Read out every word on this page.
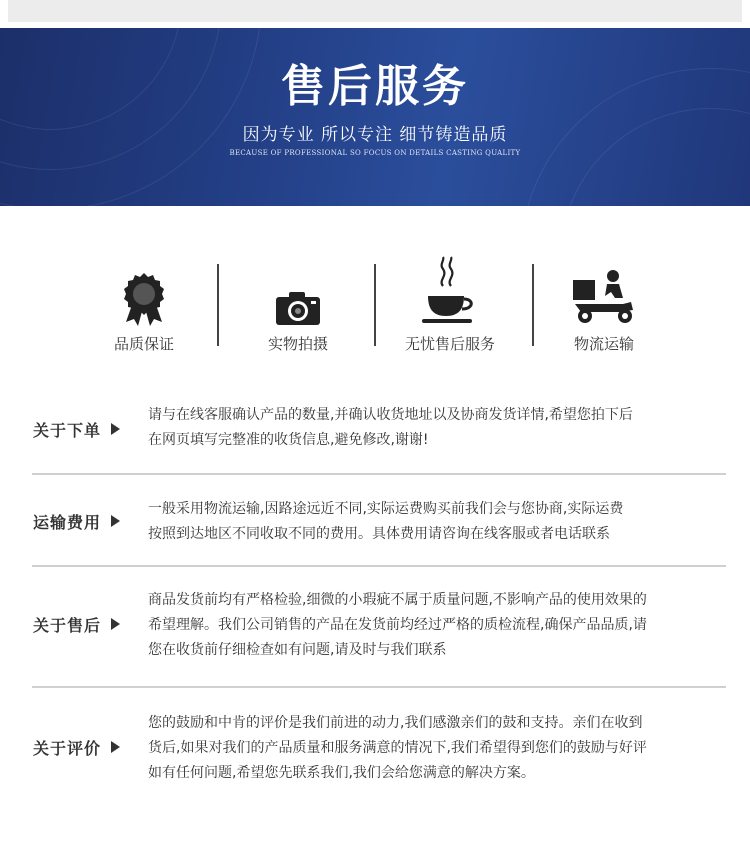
售后服务
因为专业 所以专注 细节铸造品质
BECAUSE OF PROFESSIONAL SO FOCUS ON DETAILS CASTING QUALITY
品质保证	实物拍摄	无忧售后服务	物流运输
关于下单
请与在线客服确认产品的数量,并确认收货地址以及协商发货详情,希望您拍下后
在网页填写完整准的收货信息,避免修改,谢谢!
运输费用
一般采用物流运输,因路途远近不同,实际运费购买前我们会与您协商,实际运费
按照到达地区不同收取不同的费用。具体费用请咨询在线客服或者电话联系
关于售后
商品发货前均有严格检验,细微的小瑕疵不属于质量问题,不影响产品的使用效果的
希望理解。我们公司销售的产品在发货前均经过严格的质检流程,确保产品品质,请
您在收货前仔细检查如有问题,请及时与我们联系
关于评价
您的鼓励和中肯的评价是我们前进的动力,我们感激亲们的鼓和支持。亲们在收到
货后,如果对我们的产品质量和服务满意的情况下,我们希望得到您们的鼓励与好评
如有任何问题,希望您先联系我们,我们会给您满意的解决方案。
